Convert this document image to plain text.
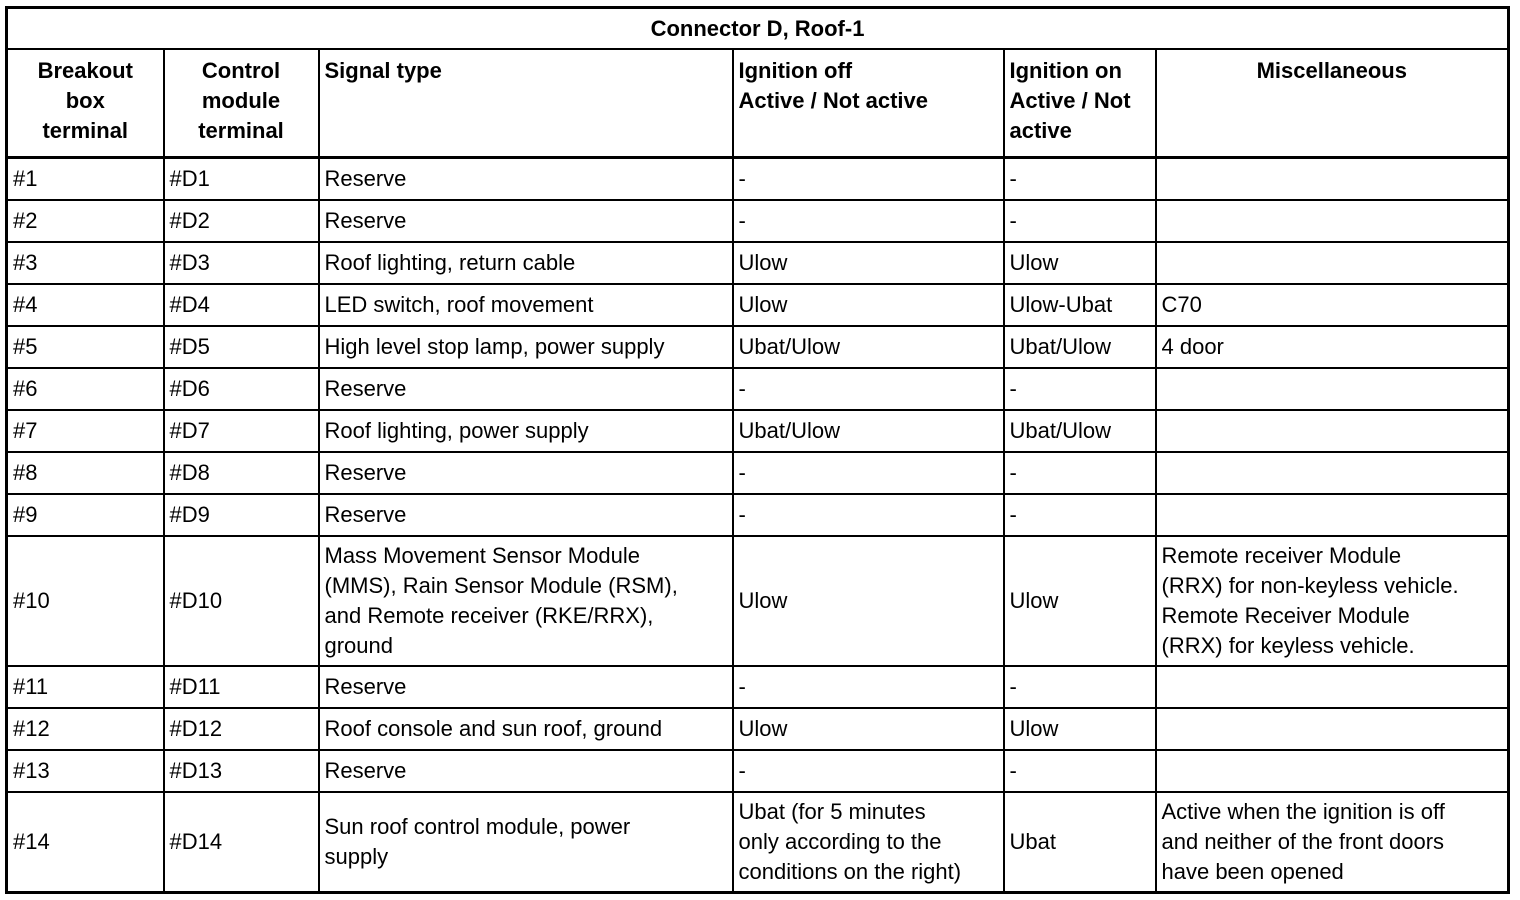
Connector D, Roof-1					

Breakout
box
terminal	Control
module
terminal	Signal type	Ignition off
Active / Not active	Ignition on
Active / Not
active	Miscellaneous

#1	#D1	Reserve	-	-	

#2	#D2	Reserve	-	-	

#3	#D3	Roof lighting, return cable	Ulow	Ulow	

#4	#D4	LED switch, roof movement	Ulow	Ulow-Ubat	C70

#5	#D5	High level stop lamp, power supply	Ubat/Ulow	Ubat/Ulow	4 door

#6	#D6	Reserve	-	-	

#7	#D7	Roof lighting, power supply	Ubat/Ulow	Ubat/Ulow	

#8	#D8	Reserve	-	-	

#9	#D9	Reserve	-	-	

#10	#D10	Mass Movement Sensor Module
(MMS), Rain Sensor Module (RSM),
and Remote receiver (RKE/RRX),
ground	Ulow	Ulow	Remote receiver Module
(RRX) for non-keyless vehicle.
Remote Receiver Module
(RRX) for keyless vehicle.

#11	#D11	Reserve	-	-	

#12	#D12	Roof console and sun roof, ground	Ulow	Ulow	

#13	#D13	Reserve	-	-	

#14	#D14	Sun roof control module, power
supply	Ubat (for 5 minutes
only according to the
conditions on the right)	Ubat	Active when the ignition is off
and neither of the front doors
have been opened
